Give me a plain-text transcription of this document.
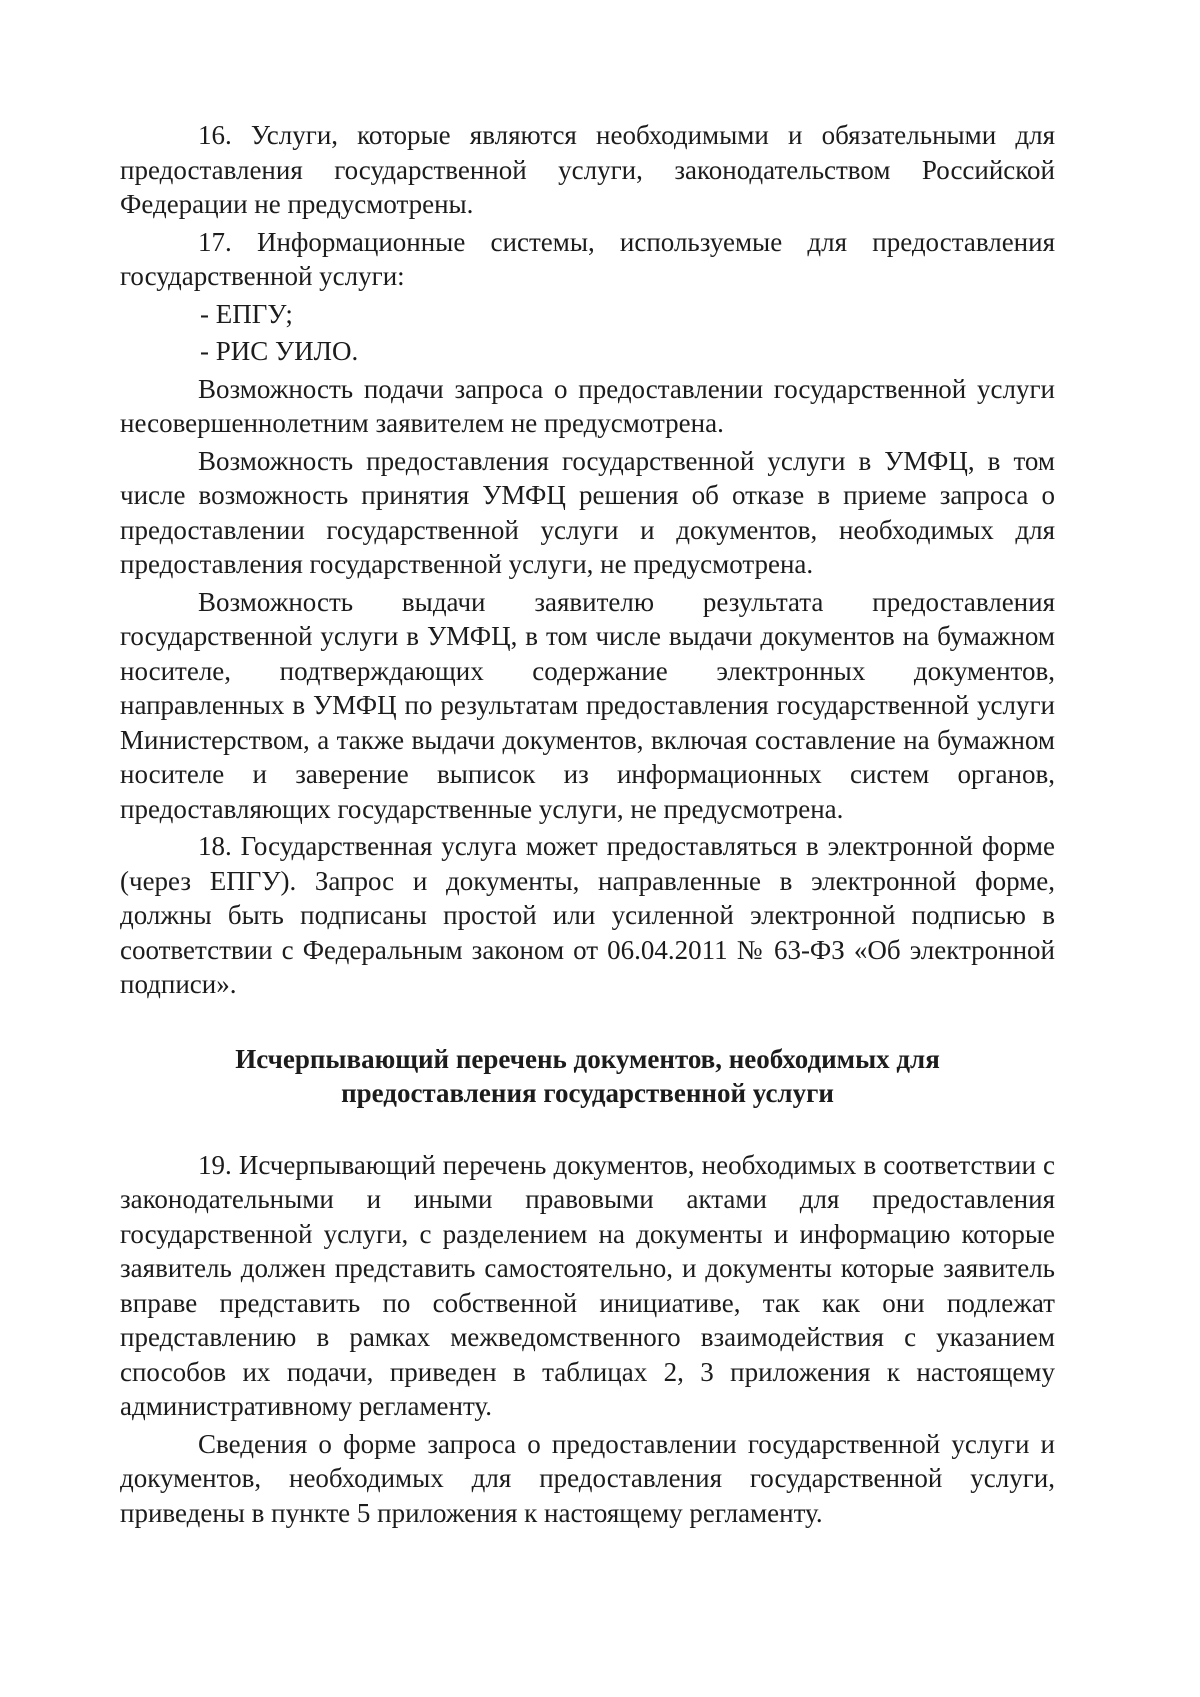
16. Услуги, которые являются необходимыми и обязательными для предоставления государственной услуги, законодательством Российской Федерации не предусмотрены.

17. Информационные системы, используемые для предоставления государственной услуги:

- ЕПГУ;

- РИС УИЛО.

Возможность подачи запроса о предоставлении государственной услуги несовершеннолетним заявителем не предусмотрена.

Возможность предоставления государственной услуги в УМФЦ, в том числе возможность принятия УМФЦ решения об отказе в приеме запроса о предоставлении государственной услуги и документов, необходимых для предоставления государственной услуги, не предусмотрена.

Возможность выдачи заявителю результата предоставления государственной услуги в УМФЦ, в том числе выдачи документов на бумажном носителе, подтверждающих содержание электронных документов, направленных в УМФЦ по результатам предоставления государственной услуги Министерством, а также выдачи документов, включая составление на бумажном носителе и заверение выписок из информационных систем органов, предоставляющих государственные услуги, не предусмотрена.

18. Государственная услуга может предоставляться в электронной форме (через ЕПГУ). Запрос и документы, направленные в электронной форме, должны быть подписаны простой или усиленной электронной подписью в соответствии с Федеральным законом от 06.04.2011 № 63-ФЗ «Об электронной подписи».

Исчерпывающий перечень документов, необходимых для предоставления государственной услуги

19. Исчерпывающий перечень документов, необходимых в соответствии с законодательными и иными правовыми актами для предоставления государственной услуги, с разделением на документы и информацию которые заявитель должен представить самостоятельно, и документы которые заявитель вправе представить по собственной инициативе, так как они подлежат представлению в рамках межведомственного взаимодействия с указанием способов их подачи, приведен в таблицах 2, 3 приложения к настоящему административному регламенту.

Сведения о форме запроса о предоставлении государственной услуги и документов, необходимых для предоставления государственной услуги, приведены в пункте 5 приложения к настоящему регламенту.
